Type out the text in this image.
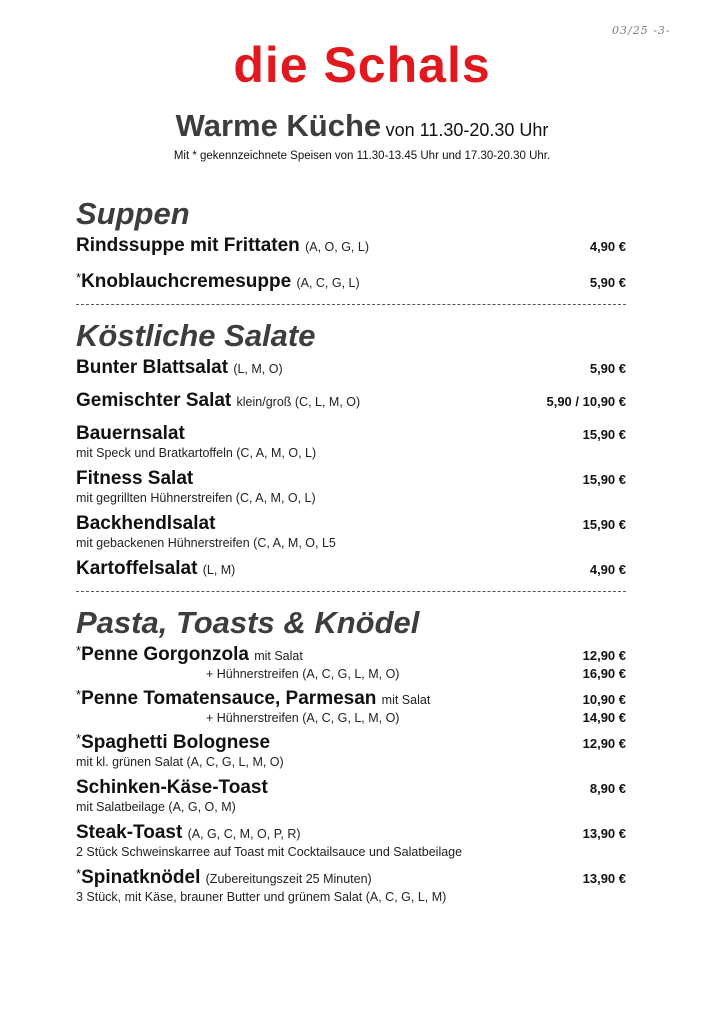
03/25 -3-
die Schals
Warme Küche von 11.30-20.30 Uhr
Mit * gekennzeichnete Speisen von 11.30-13.45 Uhr und 17.30-20.30 Uhr.
Suppen
Rindssuppe mit Frittaten (A, O, G, L)	4,90 €
*Knoblauchcremesuppe (A, C, G, L)	5,90 €
Köstliche Salate
Bunter Blattsalat (L, M, O)	5,90 €
Gemischter Salat klein/groß (C, L, M, O)	5,90 / 10,90 €
Bauernsalat	15,90 €
mit Speck und Bratkartoffeln (C, A, M, O, L)
Fitness Salat	15,90 €
mit gegrillten Hühnerstreifen (C, A, M, O, L)
Backhendlsalat	15,90 €
mit gebackenen Hühnerstreifen (C, A, M, O, L5
Kartoffelsalat (L, M)	4,90 €
Pasta, Toasts & Knödel
*Penne Gorgonzola mit Salat	12,90 €
+ Hühnerstreifen (A, C, G, L, M, O)	16,90 €
*Penne Tomatensauce, Parmesan mit Salat	10,90 €
+ Hühnerstreifen (A, C, G, L, M, O)	14,90 €
*Spaghetti Bolognese	12,90 €
mit kl. grünen Salat (A, C, G, L, M, O)
Schinken-Käse-Toast	8,90 €
mit Salatbeilage (A, G, O, M)
Steak-Toast (A, G, C, M, O, P, R)	13,90 €
2 Stück Schweinskarree auf Toast mit Cocktailsauce und Salatbeilage
*Spinatknödel (Zubereitungszeit 25 Minuten)	13,90 €
3 Stück, mit Käse, brauner Butter und grünem Salat (A, C, G, L, M)
